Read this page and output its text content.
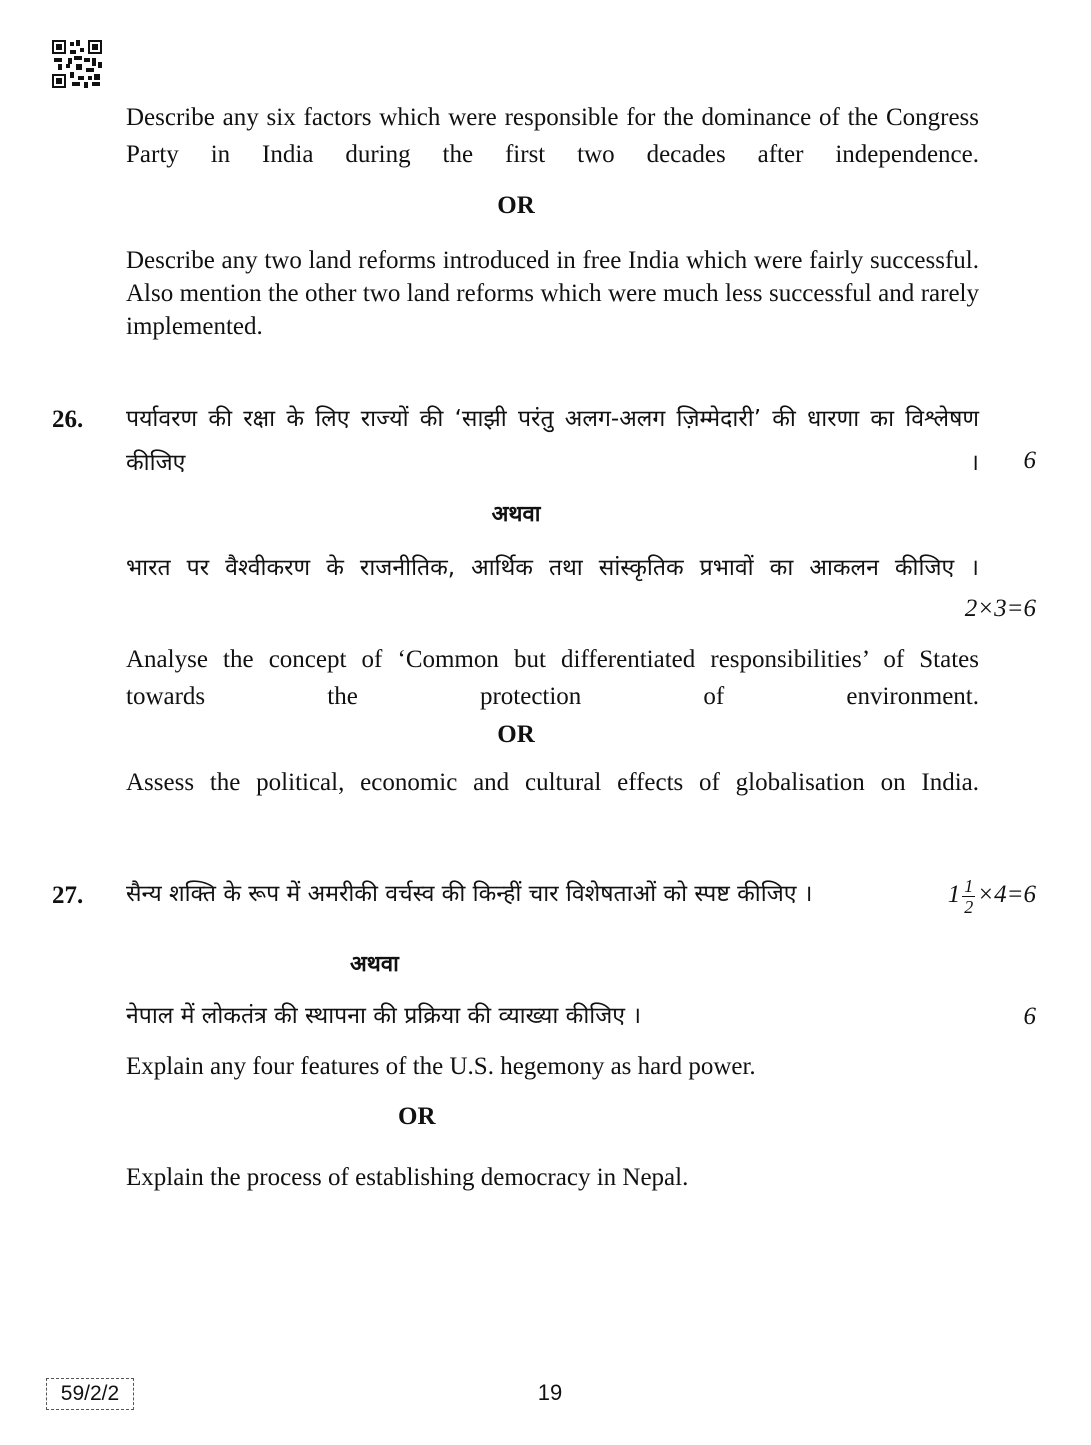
Describe any six factors which were responsible for the dominance of the Congress Party in India during the first two decades after independence.
OR
Describe any two land reforms introduced in free India which were fairly successful. Also mention the other two land reforms which were much less successful and rarely implemented.
26. पर्यावरण की रक्षा के लिए राज्यों की ‘साझी परंतु अलग-अलग ज़िम्मेदारी’ की धारणा का विश्लेषण कीजिए ।	6
अथवा
भारत पर वैश्वीकरण के राजनीतिक, आर्थिक तथा सांस्कृतिक प्रभावों का आकलन कीजिए ।
2×3=6
Analyse the concept of ‘Common but differentiated responsibilities’ of States towards the protection of environment.
OR
Assess the political, economic and cultural effects of globalisation on India.
27. सैन्य शक्ति के रूप में अमरीकी वर्चस्व की किन्हीं चार विशेषताओं को स्पष्ट कीजिए ।	$1 \frac{1}{2} \times 4=6$
अथवा
नेपाल में लोकतंत्र की स्थापना की प्रक्रिया की व्याख्या कीजिए ।	6
Explain any four features of the U.S. hegemony as hard power.
OR
Explain the process of establishing democracy in Nepal.
59/2/2	19
